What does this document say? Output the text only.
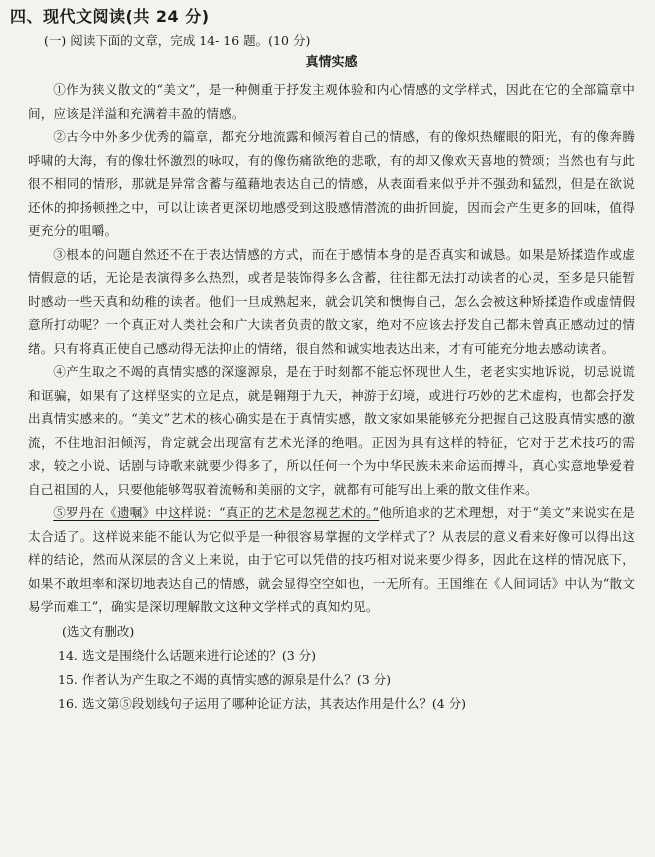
四、现代文阅读(共 24 分)
(一) 阅读下面的文章，完成 14- 16 题。(10 分)
真情实感

①作为狭义散文的“美文”，是一种侧重于抒发主观体验和内心情感的文学样式，因此在它的全部篇章中间，应该是洋溢和充满着丰盈的情感。

②古今中外多少优秀的篇章，都充分地流露和倾泻着自己的情感，有的像炽热耀眼的阳光，有的像奔腾呼啸的大海，有的像壮怀激烈的咏叹，有的像伤痛欲绝的悲歌，有的却又像欢天喜地的赞颂；当然也有与此很不相同的情形，那就是异常含蓄与蕴藉地表达自己的情感，从表面看来似乎并不强劲和猛烈，但是在欲说还休的抑扬顿挫之中，可以让读者更深切地感受到这股感情潜流的曲折回旋，因而会产生更多的回味，值得更充分的咀嚼。

③根本的问题自然还不在于表达情感的方式，而在于感情本身的是否真实和诚恳。如果是矫揉造作或虚情假意的话，无论是表演得多么热烈，或者是装饰得多么含蓄，往往都无法打动读者的心灵，至多是只能暂时感动一些天真和幼稚的读者。他们一旦成熟起来，就会讥笑和懊悔自己，怎么会被这种矫揉造作或虚情假意所打动呢？一个真正对人类社会和广大读者负责的散文家，绝对不应该去抒发自己都未曾真正感动过的情绪。只有将真正使自己感动得无法抑止的情绪，很自然和诚实地表达出来，才有可能充分地去感动读者。

④产生取之不竭的真情实感的深邃源泉，是在于时刻都不能忘怀现世人生，老老实实地诉说，切忌说谎和诓骗，如果有了这样坚实的立足点，就是翱翔于九天，神游于幻境，或进行巧妙的艺术虚构，也都会抒发出真情实感来的。“美文”艺术的核心确实是在于真情实感，散文家如果能够充分把握自己这股真情实感的激流，不住地汩汩倾泻，肯定就会出现富有艺术光泽的绝唱。正因为具有这样的特征，它对于艺术技巧的需求，较之小说、话剧与诗歌来就要少得多了，所以任何一个为中华民族未来命运而搏斗，真心实意地挚爱着自己祖国的人，只要他能够驾驭着流畅和美丽的文字，就都有可能写出上乘的散文佳作来。

⑤罗丹在《遗嘱》中这样说：“真正的艺术是忽视艺术的。”他所追求的艺术理想，对于“美文”来说实在是太合适了。这样说来能不能认为它似乎是一种很容易掌握的文学样式了？从表层的意义看来好像可以得出这样的结论，然而从深层的含义上来说，由于它可以凭借的技巧相对说来要少得多，因此在这样的情况底下，如果不敢坦率和深切地表达自己的情感，就会显得空空如也，一无所有。王国维在《人间词话》中认为“散文易学而难工”，确实是深切理解散文这种文学样式的真知灼见。

(选文有删改)
14. 选文是围绕什么话题来进行论述的？(3 分)
15. 作者认为产生取之不竭的真情实感的源泉是什么？(3 分)
16. 选文第⑤段划线句子运用了哪种论证方法，其表达作用是什么？(4 分)
